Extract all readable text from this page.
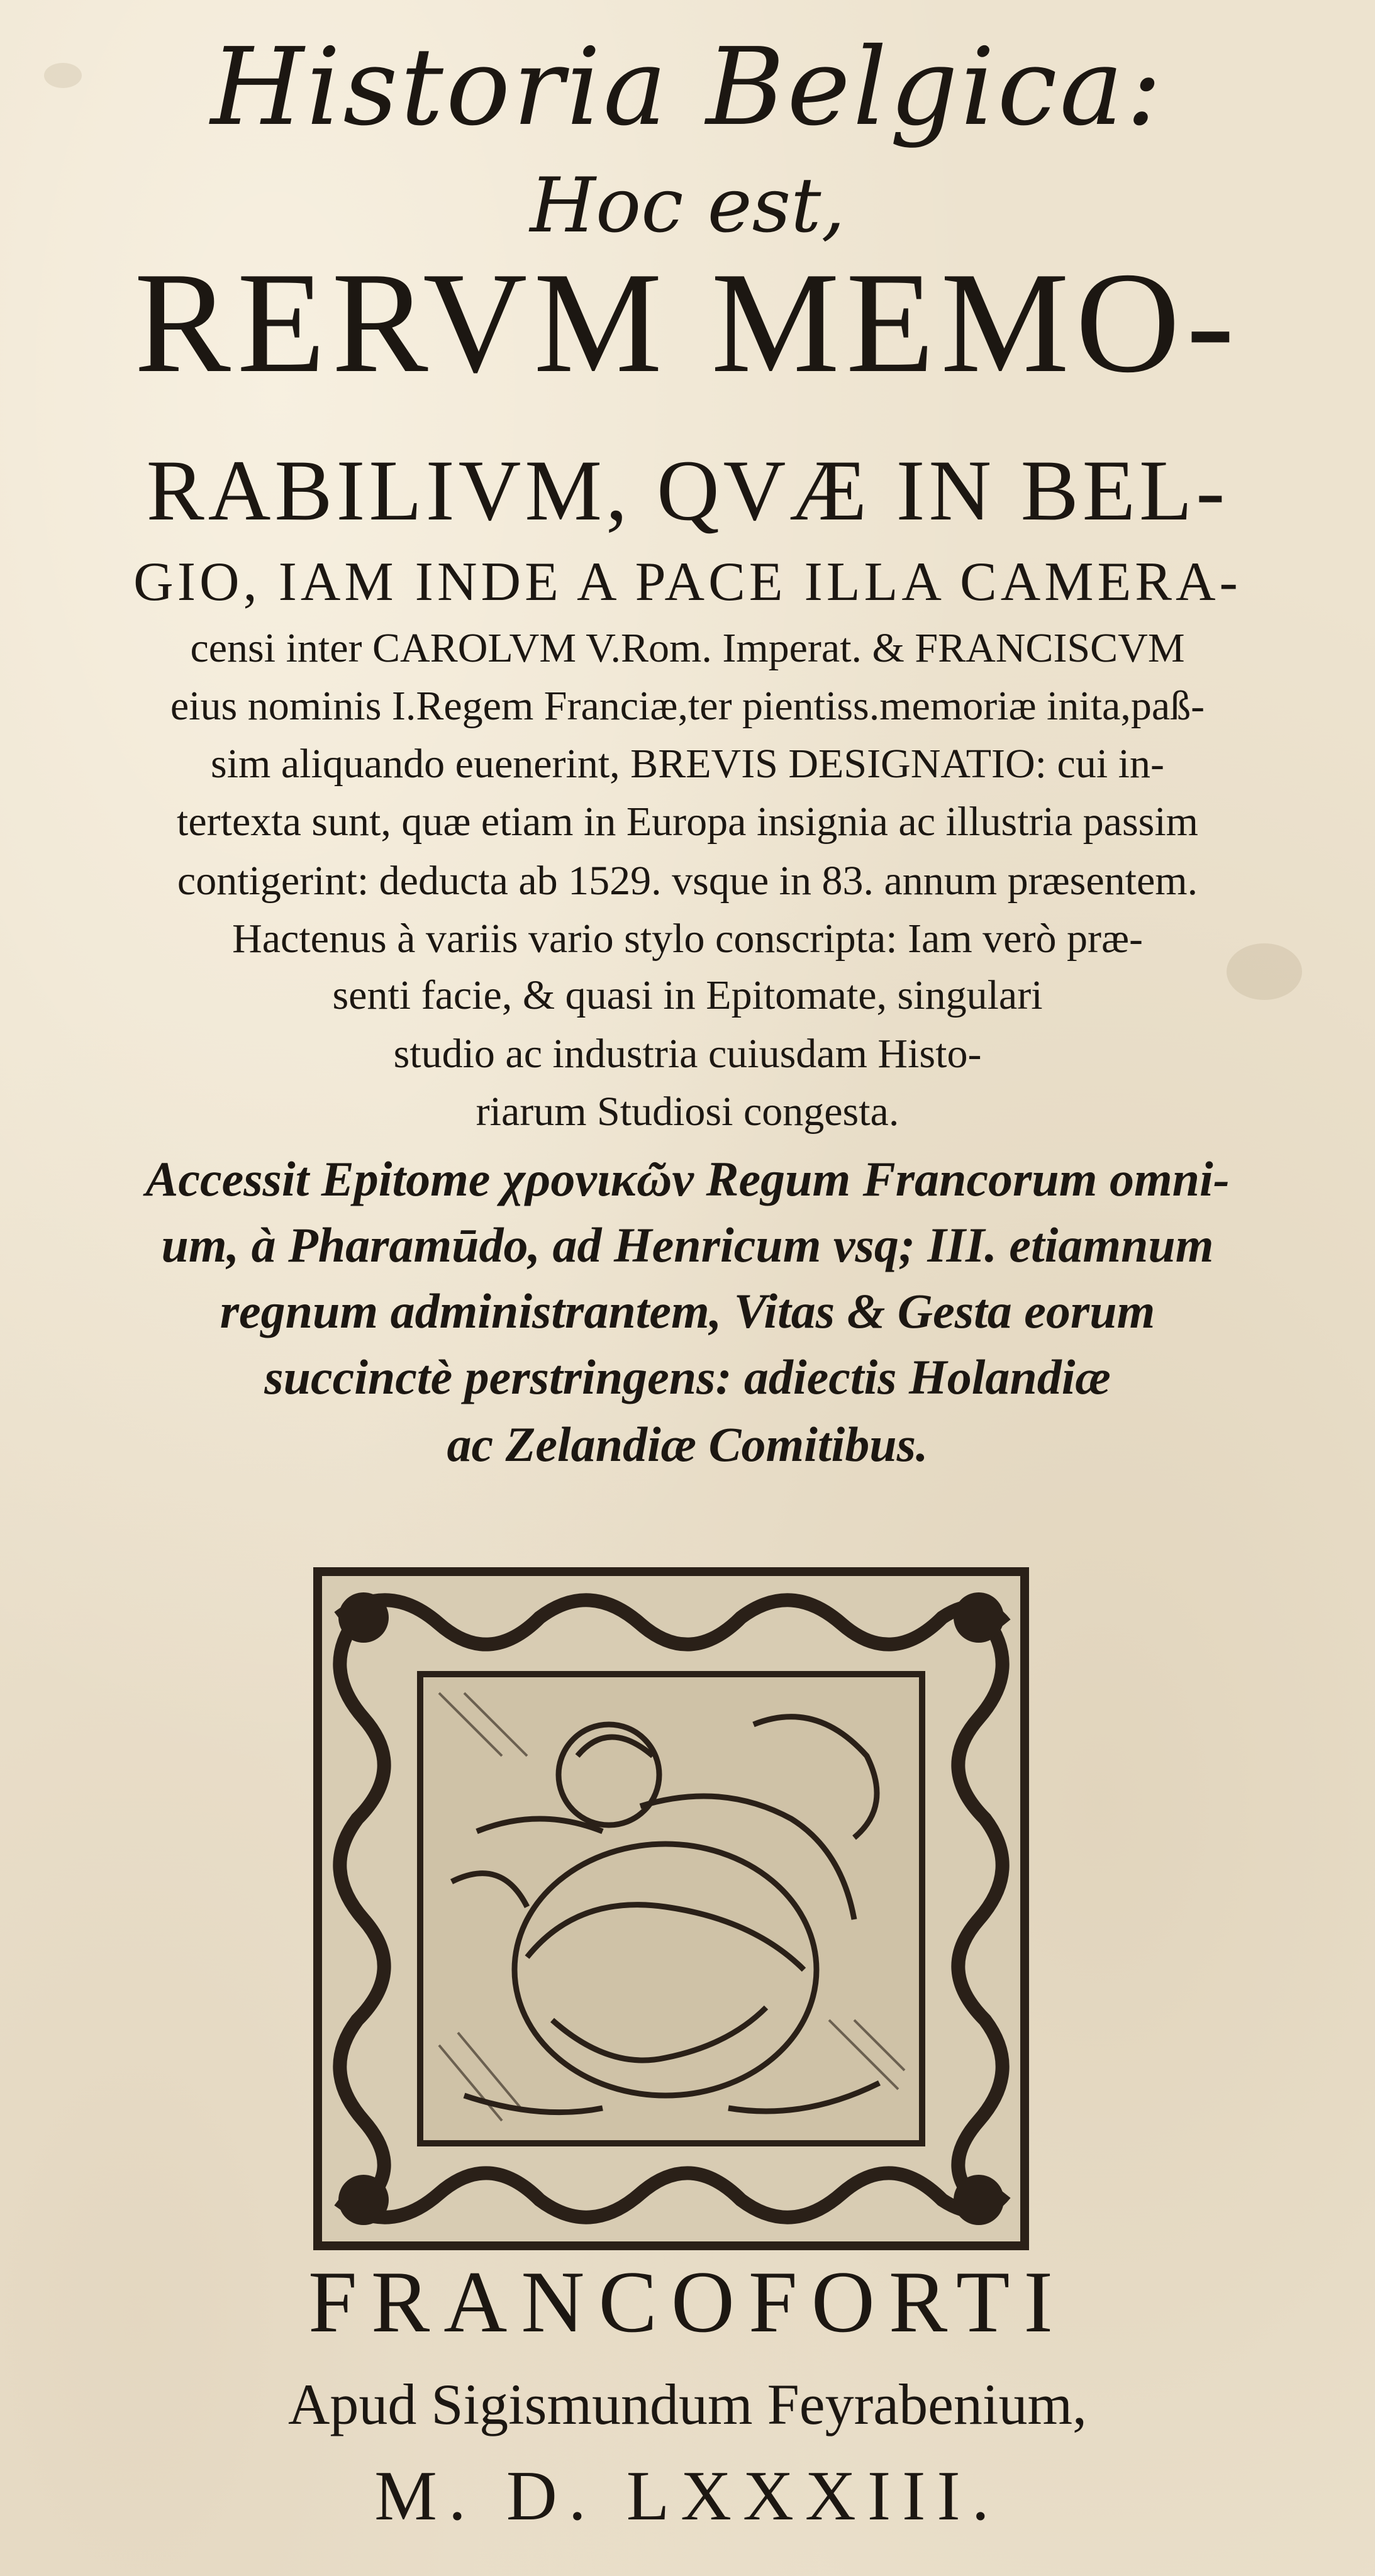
Historia Belgica:
Hoc est,
RERVM MEMO-
RABILIVM, QVÆ IN BEL-
GIO, IAM INDE A PACE ILLA CAMERA-
censi inter CAROLVM V.Rom. Imperat. & FRANCISCVM
eius nominis I.Regem Franciæ,ter pientiss.memoriæ inita,paß-
sim aliquando euenerint, BREVIS DESIGNATIO: cui in-
tertexta sunt, quæ etiam in Europa insignia ac illustria passim
contigerint: deducta ab 1529. vsque in 83. annum præsentem.
Hactenus à variis vario stylo conscripta: Iam verò præ-
senti facie, & quasi in Epitomate, singulari
studio ac industria cuiusdam Histo-
riarum Studiosi congesta.
Accessit Epitome χρονικῶν Regum Francorum omni-
um, à Pharamūdo, ad Henricum vsq; III. etiamnum
regnum administrantem, Vitas & Gesta eorum
succinctè perstringens: adiectis Holandiæ
ac Zelandiæ Comitibus.
FRANCOFORTI
Apud Sigismundum Feyrabenium,
M. D. LXXXIII.
